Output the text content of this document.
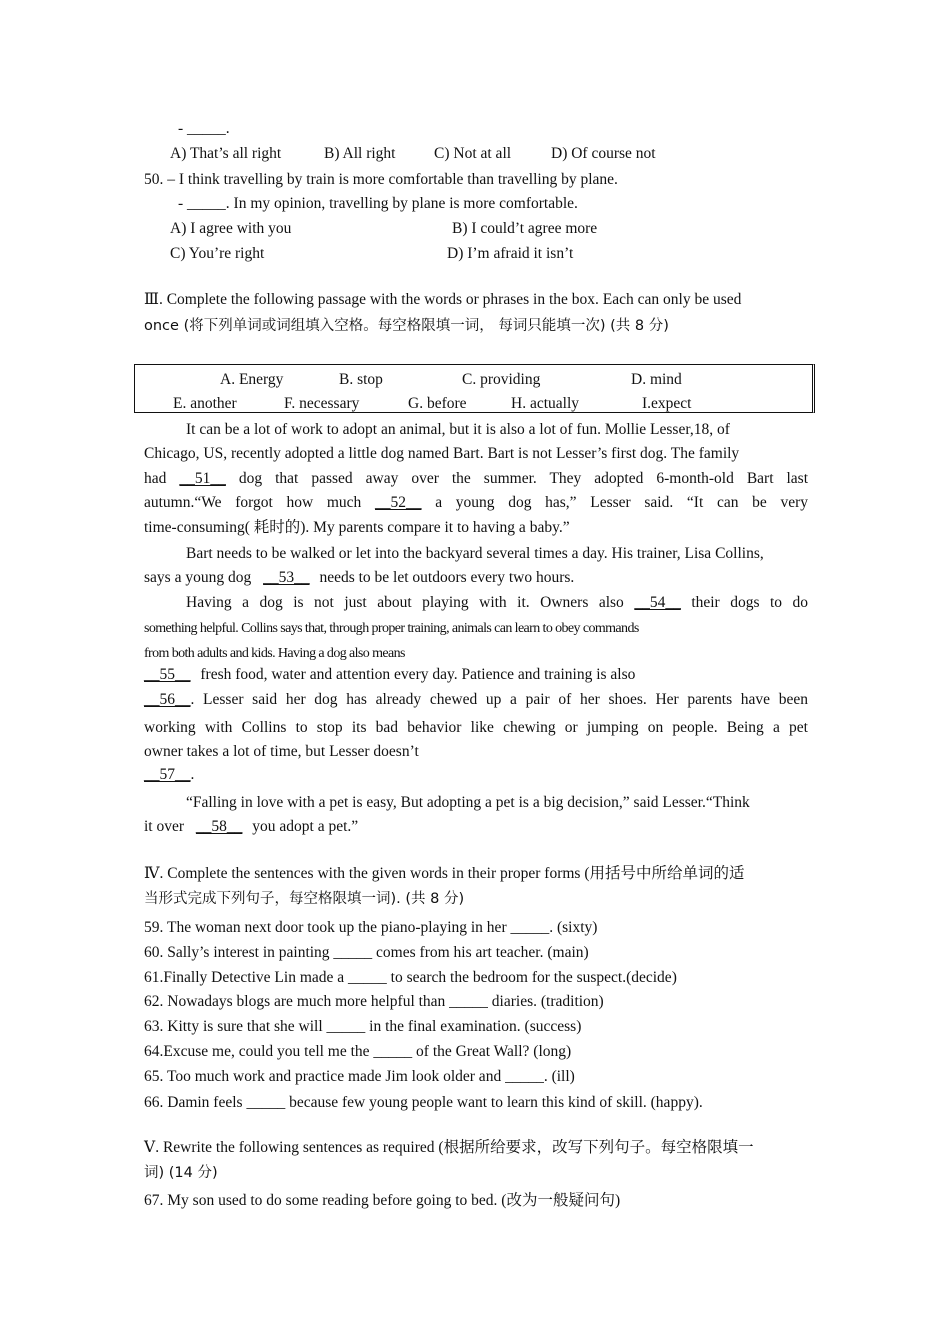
- _____.
A) That’s all right	B) All right C) Not at all	D) Of course not
50. – I think travelling by train is more comfortable than travelling by plane.
- _____. In my opinion, travelling by plane is more comfortable.
A) I agree with you	B) I could’t agree more
C) You’re right	D) I’m afraid it isn’t
Ⅲ. Complete the following passage with the words or phrases in the box. Each can only be used
once (将下列单词或词组填入空格。每空格限填一词， 每词只能填一次) (共 8 分)
A. Energy	B. stop	C. providing	D. mind
E. another	F. necessary	G. before	H. actually	I.expect
It can be a lot of work to adopt an animal, but it is also a lot of fun. Mollie Lesser,18, of
Chicago, US, recently adopted a little dog named Bart. Bart is not Lesser’s first dog. The family
had __51__ dog that passed away over the summer. They adopted 6-month-old Bart last
autumn.“We forgot how much __52__ a young dog has,” Lesser said. “It can be very
time-consuming( 耗时的). My parents compare it to having a baby.”
Bart needs to be walked or let into the backyard several times a day. His trainer, Lisa Collins,
says a young dog __53__ needs to be let outdoors every two hours.
Having a dog is not just about playing with it. Owners also __54__ their dogs to do
something helpful. Collins says that, through proper training, animals can learn to obey commands
from both adults and kids. Having a dog also means
__55__ fresh food, water and attention every day. Patience and training is also
__56__. Lesser said her dog has already chewed up a pair of her shoes. Her parents have been
working with Collins to stop its bad behavior like chewing or jumping on people. Being a pet
owner takes a lot of time, but Lesser doesn’t
__57__.
“Falling in love with a pet is easy, But adopting a pet is a big decision,” said Lesser.“Think
it over __58__ you adopt a pet.”
Ⅳ. Complete the sentences with the given words in their proper forms (用括号中所给单词的适
当形式完成下列句子，每空格限填一词). (共 8 分)
59. The woman next door took up the piano-playing in her _____. (sixty)
60. Sally’s interest in painting _____ comes from his art teacher. (main)
61.Finally Detective Lin made a _____ to search the bedroom for the suspect.(decide)
62. Nowadays blogs are much more helpful than _____ diaries. (tradition)
63. Kitty is sure that she will _____ in the final examination. (success)
64.Excuse me, could you tell me the _____ of the Great Wall? (long)
65. Too much work and practice made Jim look older and _____. (ill)
66. Damin feels _____ because few young people want to learn this kind of skill. (happy).
Ⅴ. Rewrite the following sentences as required (根据所给要求，改写下列句子。每空格限填一
词) (14 分)
67. My son used to do some reading before going to bed. (改为一般疑问句)
